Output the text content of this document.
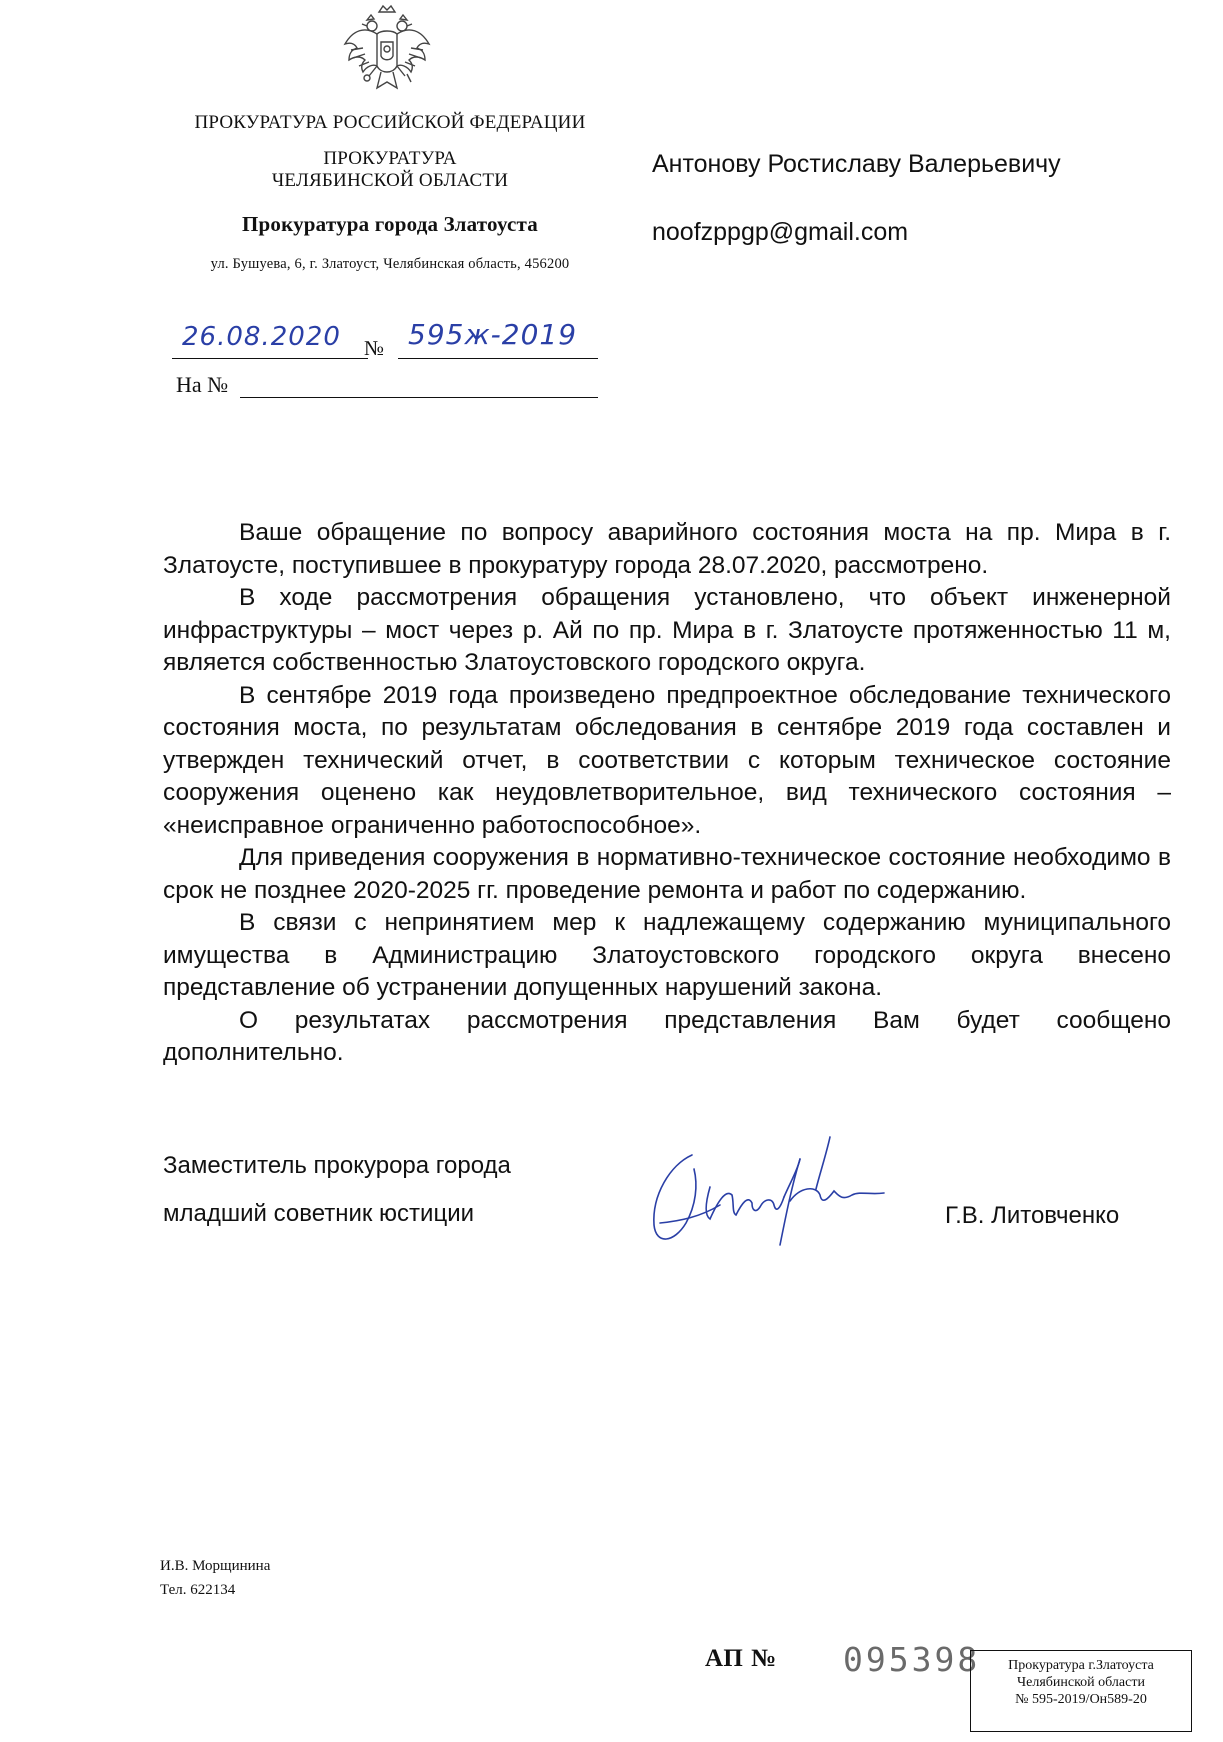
ПРОКУРАТУРА РОССИЙСКОЙ ФЕДЕРАЦИИ
ПРОКУРАТУРА
ЧЕЛЯБИНСКОЙ ОБЛАСТИ
Прокуратура города Златоуста
ул. Бушуева, 6, г. Златоуст, Челябинская область, 456200
26.08.2020 № 595ж-2019
На №
Антонову Ростиславу Валерьевичу
noofzppgp@gmail.com

Ваше обращение по вопросу аварийного состояния моста на пр. Мира в г. Златоусте, поступившее в прокуратуру города 28.07.2020, рассмотрено.

В ходе рассмотрения обращения установлено, что объект инженерной инфраструктуры – мост через р. Ай по пр. Мира в г. Златоусте протяженностью 11 м, является собственностью Златоустовского городского округа.

В сентябре 2019 года произведено предпроектное обследование технического состояния моста, по результатам обследования в сентябре 2019 года составлен и утвержден технический отчет, в соответствии с которым техническое состояние сооружения оценено как неудовлетворительное, вид технического состояния – «неисправное ограниченно работоспособное».

Для приведения сооружения в нормативно-техническое состояние необходимо в срок не позднее 2020-2025 гг. проведение ремонта и работ по содержанию.

В связи с непринятием мер к надлежащему содержанию муниципального имущества в Администрацию Златоустовского городского округа внесено представление об устранении допущенных нарушений закона.

О результатах рассмотрения представления Вам будет сообщено дополнительно.

Заместитель прокурора города
младший советник юстиции	Г.В. Литовченко
И.В. Морщинина
Тел. 622134
АП № 095398	Прокуратура г.Златоуста
Челябинской области
№ 595-2019/Он589-20
